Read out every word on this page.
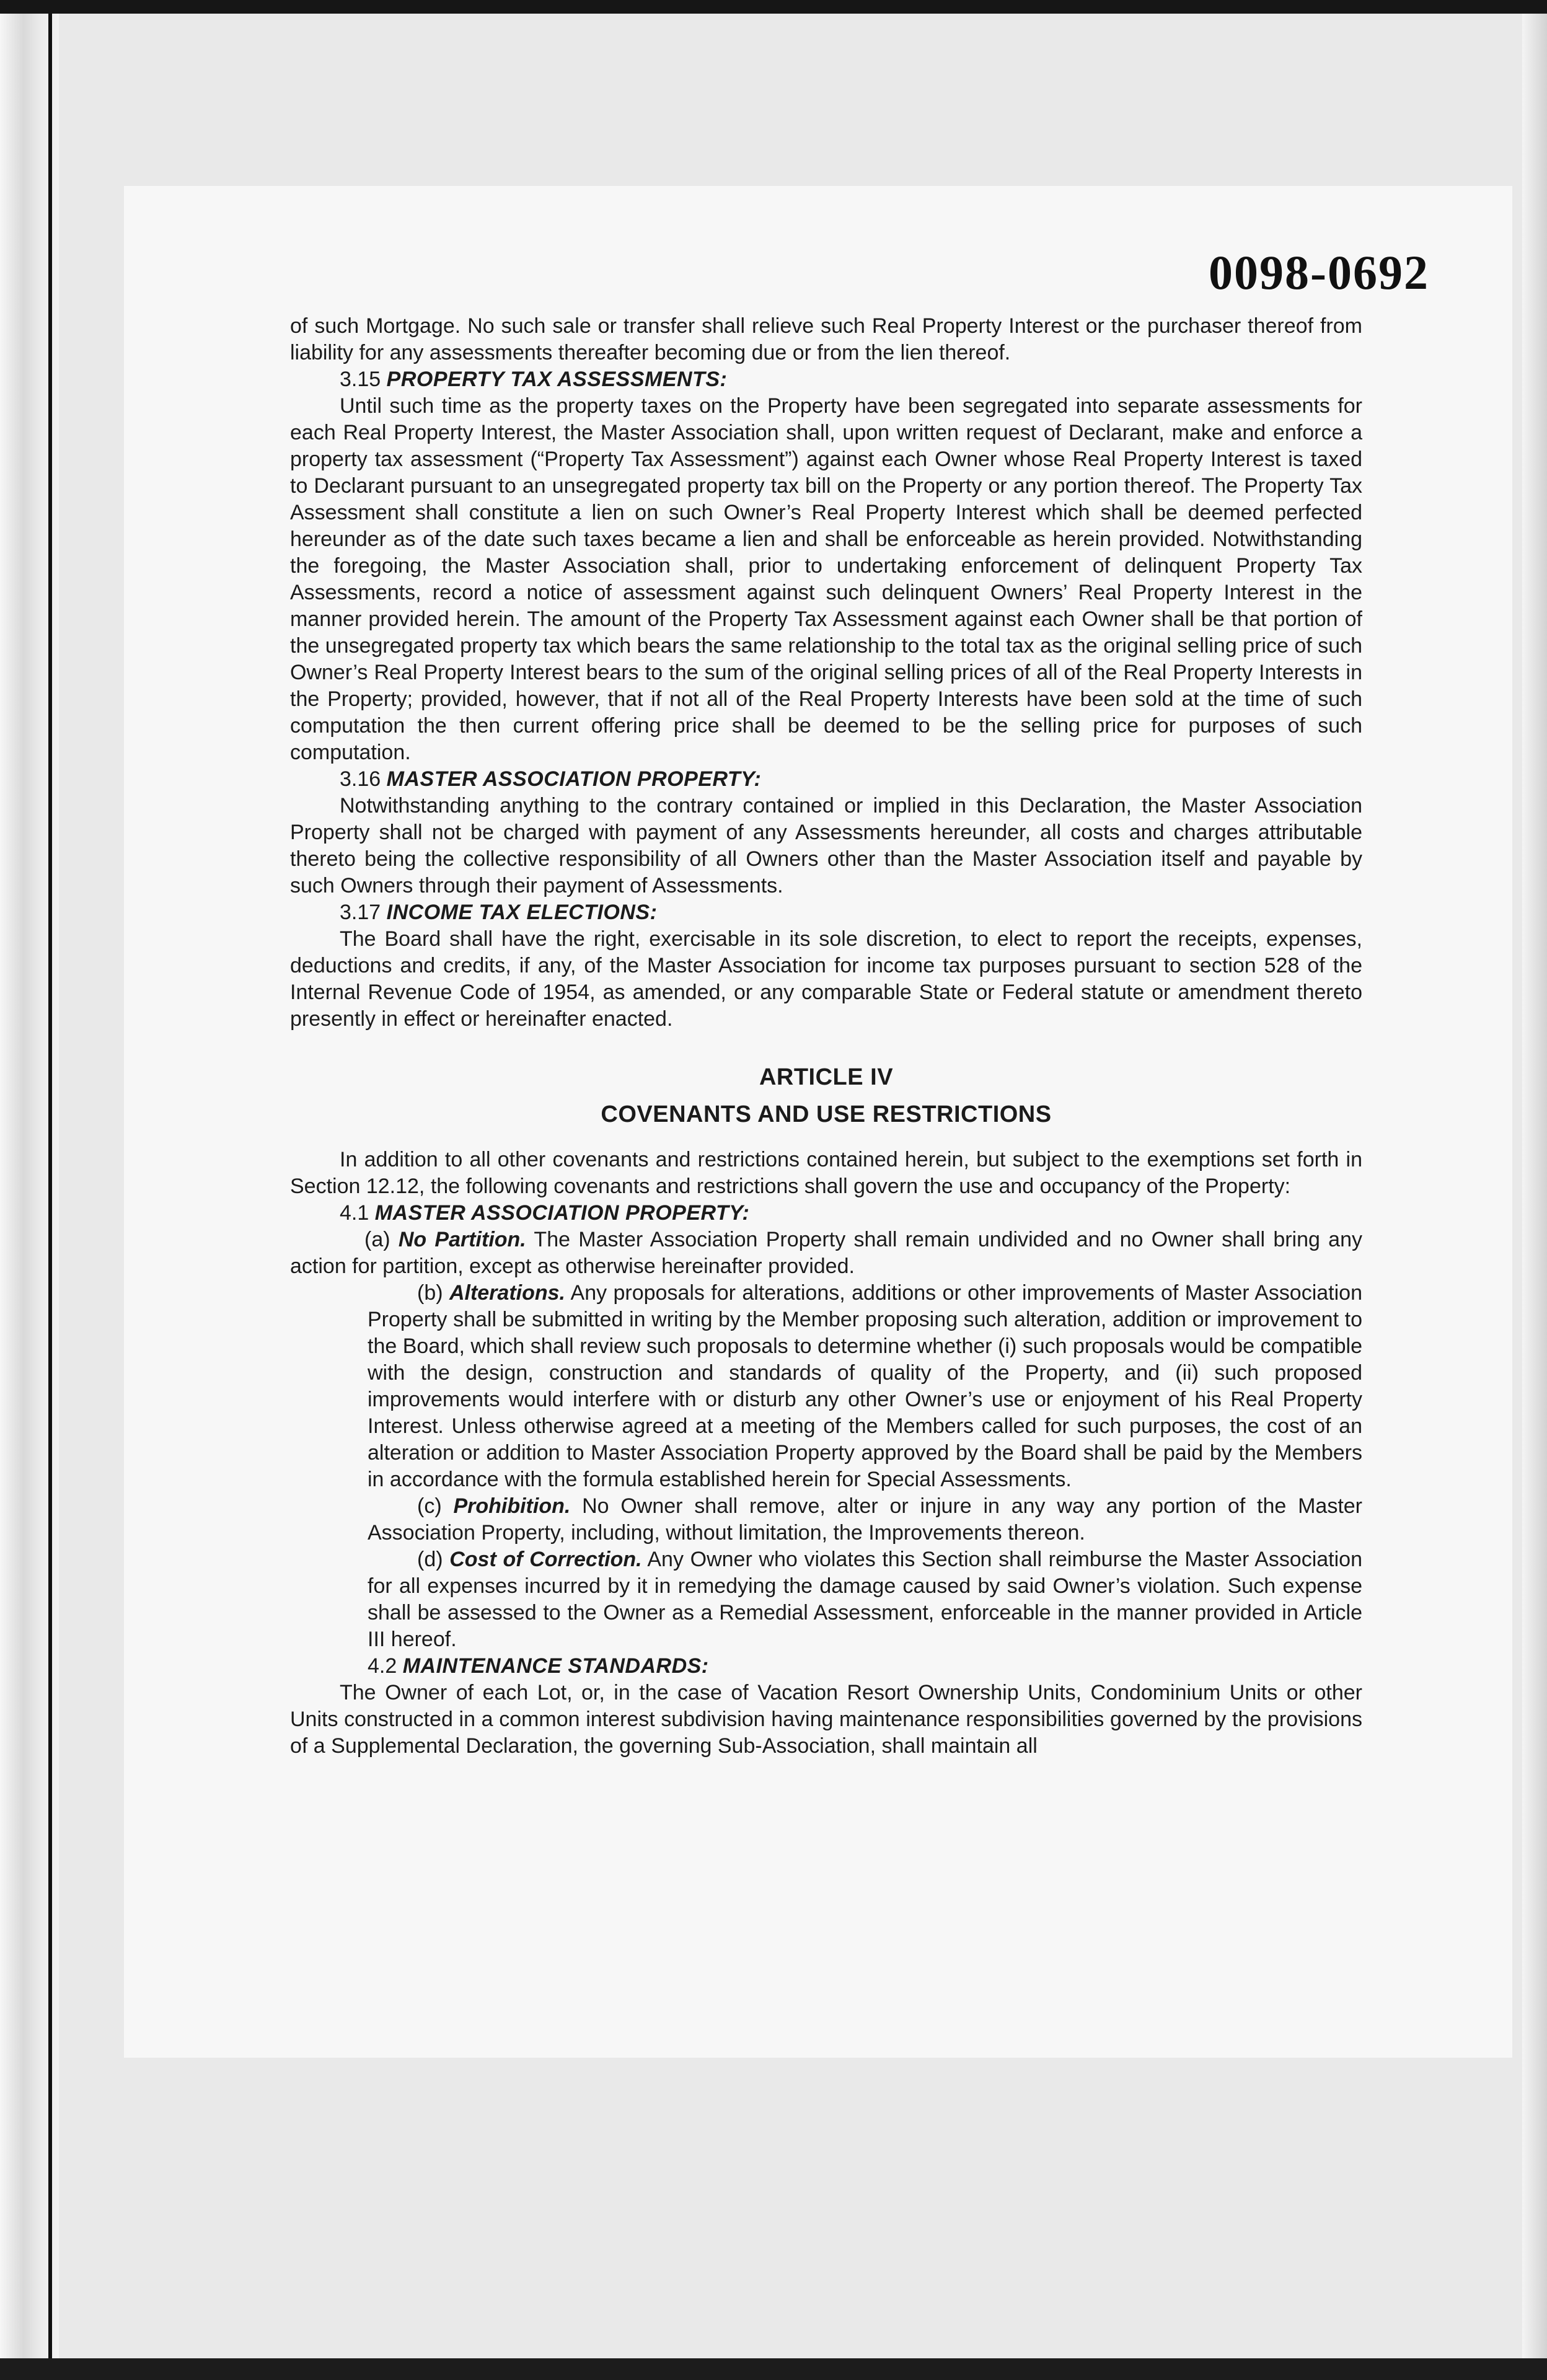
0098-0692

of such Mortgage. No such sale or transfer shall relieve such Real Property Interest or the purchaser thereof from liability for any assessments thereafter becoming due or from the lien thereof.

3.15 PROPERTY TAX ASSESSMENTS:

Until such time as the property taxes on the Property have been segregated into separate assessments for each Real Property Interest, the Master Association shall, upon written request of Declarant, make and enforce a property tax assessment (“Property Tax Assessment”) against each Owner whose Real Property Interest is taxed to Declarant pursuant to an unsegregated property tax bill on the Property or any portion thereof. The Property Tax Assessment shall constitute a lien on such Owner’s Real Property Interest which shall be deemed perfected hereunder as of the date such taxes became a lien and shall be enforceable as herein provided. Notwithstanding the foregoing, the Master Association shall, prior to undertaking enforcement of delinquent Property Tax Assessments, record a notice of assessment against such delinquent Owners’ Real Property Interest in the manner provided herein. The amount of the Property Tax Assessment against each Owner shall be that portion of the unsegregated property tax which bears the same relationship to the total tax as the original selling price of such Owner’s Real Property Interest bears to the sum of the original selling prices of all of the Real Property Interests in the Property; provided, however, that if not all of the Real Property Interests have been sold at the time of such computation the then current offering price shall be deemed to be the selling price for purposes of such computation.

3.16 MASTER ASSOCIATION PROPERTY:

Notwithstanding anything to the contrary contained or implied in this Declaration, the Master Association Property shall not be charged with payment of any Assessments hereunder, all costs and charges attributable thereto being the collective responsibility of all Owners other than the Master Association itself and payable by such Owners through their payment of Assessments.

3.17 INCOME TAX ELECTIONS:

The Board shall have the right, exercisable in its sole discretion, to elect to report the receipts, expenses, deductions and credits, if any, of the Master Association for income tax purposes pursuant to section 528 of the Internal Revenue Code of 1954, as amended, or any comparable State or Federal statute or amendment thereto presently in effect or hereinafter enacted.

ARTICLE IV
COVENANTS AND USE RESTRICTIONS

In addition to all other covenants and restrictions contained herein, but subject to the exemptions set forth in Section 12.12, the following covenants and restrictions shall govern the use and occupancy of the Property:

4.1 MASTER ASSOCIATION PROPERTY:

(a) No Partition. The Master Association Property shall remain undivided and no Owner shall bring any action for partition, except as otherwise hereinafter provided.

(b) Alterations. Any proposals for alterations, additions or other improvements of Master Association Property shall be submitted in writing by the Member proposing such alteration, addition or improvement to the Board, which shall review such proposals to determine whether (i) such proposals would be compatible with the design, construction and standards of quality of the Property, and (ii) such proposed improvements would interfere with or disturb any other Owner’s use or enjoyment of his Real Property Interest. Unless otherwise agreed at a meeting of the Members called for such purposes, the cost of an alteration or addition to Master Association Property approved by the Board shall be paid by the Members in accordance with the formula established herein for Special Assessments.

(c) Prohibition. No Owner shall remove, alter or injure in any way any portion of the Master Association Property, including, without limitation, the Improvements thereon.

(d) Cost of Correction. Any Owner who violates this Section shall reimburse the Master Association for all expenses incurred by it in remedying the damage caused by said Owner’s violation. Such expense shall be assessed to the Owner as a Remedial Assessment, enforceable in the manner provided in Article III hereof.

4.2 MAINTENANCE STANDARDS:

The Owner of each Lot, or, in the case of Vacation Resort Ownership Units, Condominium Units or other Units constructed in a common interest subdivision having maintenance responsibilities governed by the provisions of a Supplemental Declaration, the governing Sub-Association, shall maintain all
